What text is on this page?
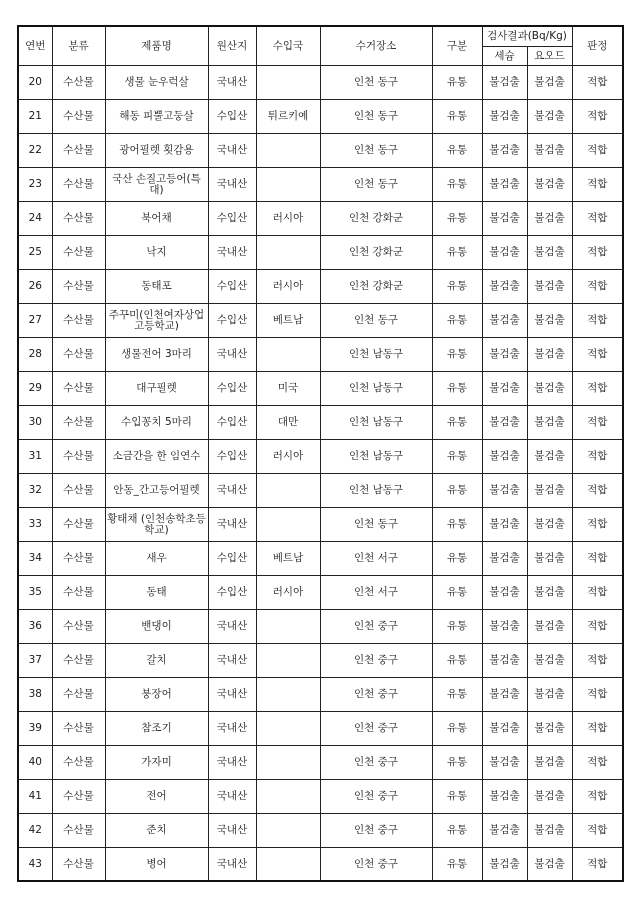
연번	분류	제품명	원산지	수입국	수거장소	구분	검사결과(Bq/Kg)		판정
							세슘	요오드	
20	수산물	생물 눈우럭살	국내산		인천 동구	유통	불검출	불검출	적합
21	수산물	해동 피뿔고둥살	수입산	튀르키예	인천 동구	유통	불검출	불검출	적합
22	수산물	광어필렛 횟감용	국내산		인천 동구	유통	불검출	불검출	적합
23	수산물	국산 손질고등어(특대)	국내산		인천 동구	유통	불검출	불검출	적합
24	수산물	북어채	수입산	러시아	인천 강화군	유통	불검출	불검출	적합
25	수산물	낙지	국내산		인천 강화군	유통	불검출	불검출	적합
26	수산물	동태포	수입산	러시아	인천 강화군	유통	불검출	불검출	적합
27	수산물	주꾸미(인천여자상업고등학교)	수입산	베트남	인천 동구	유통	불검출	불검출	적합
28	수산물	생물전어 3마리	국내산		인천 남동구	유통	불검출	불검출	적합
29	수산물	대구필렛	수입산	미국	인천 남동구	유통	불검출	불검출	적합
30	수산물	수입꽁치 5마리	수입산	대만	인천 남동구	유통	불검출	불검출	적합
31	수산물	소금간을 한 임연수	수입산	러시아	인천 남동구	유통	불검출	불검출	적합
32	수산물	안동_간고등어필렛	국내산		인천 남동구	유통	불검출	불검출	적합
33	수산물	황태채 (인천송학초등학교)	국내산		인천 동구	유통	불검출	불검출	적합
34	수산물	새우	수입산	베트남	인천 서구	유통	불검출	불검출	적합
35	수산물	동태	수입산	러시아	인천 서구	유통	불검출	불검출	적합
36	수산물	밴댕이	국내산		인천 중구	유통	불검출	불검출	적합
37	수산물	갈치	국내산		인천 중구	유통	불검출	불검출	적합
38	수산물	붕장어	국내산		인천 중구	유통	불검출	불검출	적합
39	수산물	참조기	국내산		인천 중구	유통	불검출	불검출	적합
40	수산물	가자미	국내산		인천 중구	유통	불검출	불검출	적합
41	수산물	전어	국내산		인천 중구	유통	불검출	불검출	적합
42	수산물	준치	국내산		인천 중구	유통	불검출	불검출	적합
43	수산물	병어	국내산		인천 중구	유통	불검출	불검출	적합
